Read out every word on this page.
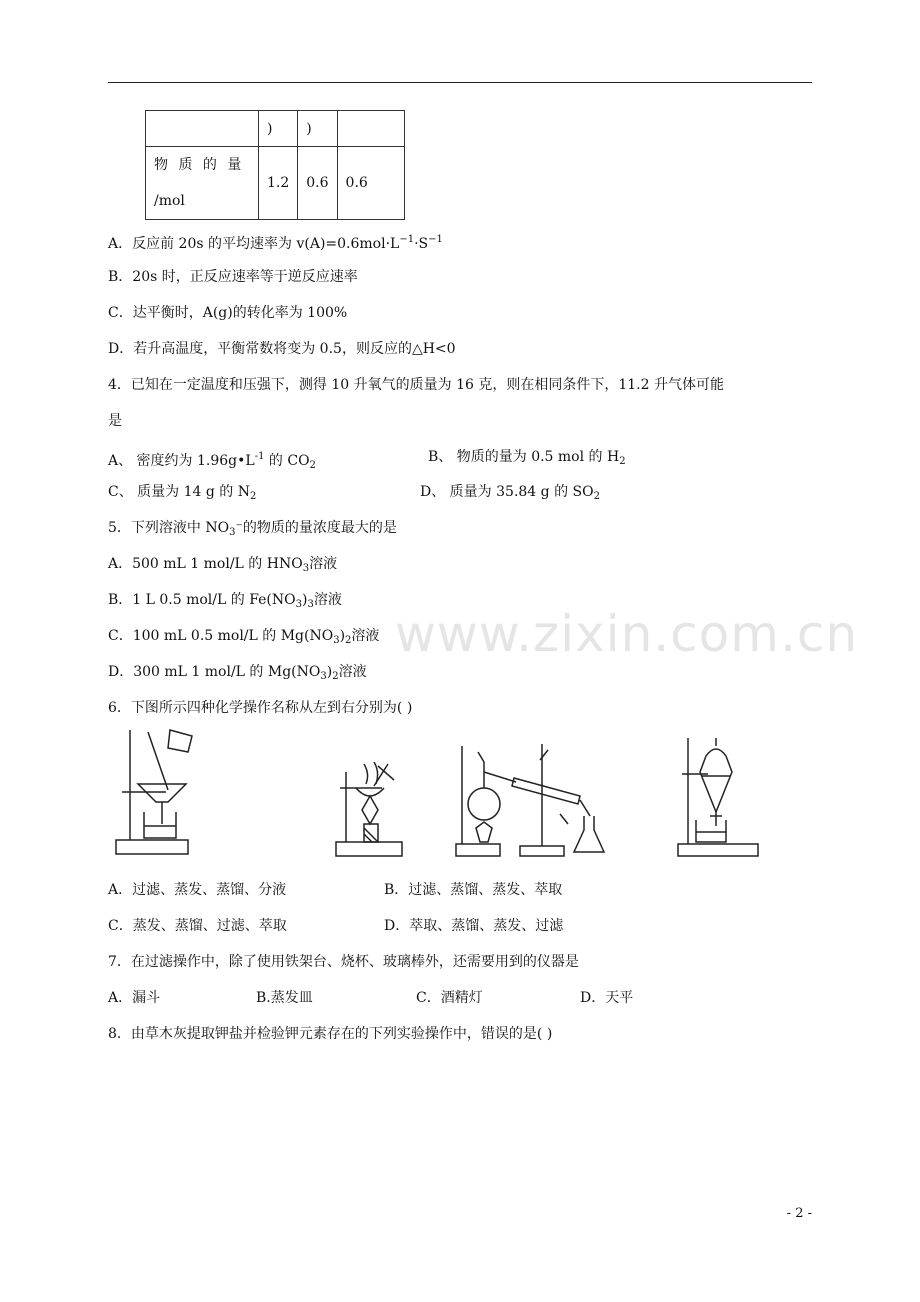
	)	)	

物 质 的 量
/mol	1.2	0.6	0.6
A．反应前 20s 的平均速率为 $v(A)=0.6mol\cdot L^{-1}\cdot S^{-1}$
B．20s 时，正反应速率等于逆反应速率
C．达平衡时，A(g)的转化率为 100%
D．若升高温度，平衡常数将变为 0.5，则反应的△H<0
4．已知在一定温度和压强下，测得 10 升氧气的质量为 16 克，则在相同条件下，11.2 升气体可能
是
A、 密度约为 $1.96g•L^{-1}$ 的 $CO_2$
B、 物质的量为 0.5 mol 的 $H_2$
C、 质量为 14 g 的 $N_2$	D、 质量为 35.84 g 的 $SO_2$
5．下列溶液中 $NO_3^-$的物质的量浓度最大的是
A．500 mL 1 mol/L 的 $HNO_3$溶液
B．1 L 0.5 mol/L 的 $Fe(NO_3)_3$溶液
C．100 mL 0.5 mol/L 的 $Mg(NO_3)_2$溶液
D．300 mL 1 mol/L 的 $Mg(NO_3)_2$溶液
www.zixin.com.cn
6．下图所示四种化学操作名称从左到右分别为( )
A．过滤、蒸发、蒸馏、分液	B．过滤、蒸馏、蒸发、萃取
C．蒸发、蒸馏、过滤、萃取	D．萃取、蒸馏、蒸发、过滤
7．在过滤操作中，除了使用铁架台、烧杯、玻璃棒外，还需要用到的仪器是
A．漏斗	B.蒸发皿	C．酒精灯	D．天平
8．由草木灰提取钾盐并检验钾元素存在的下列实验操作中，错误的是( )
- 2 -
